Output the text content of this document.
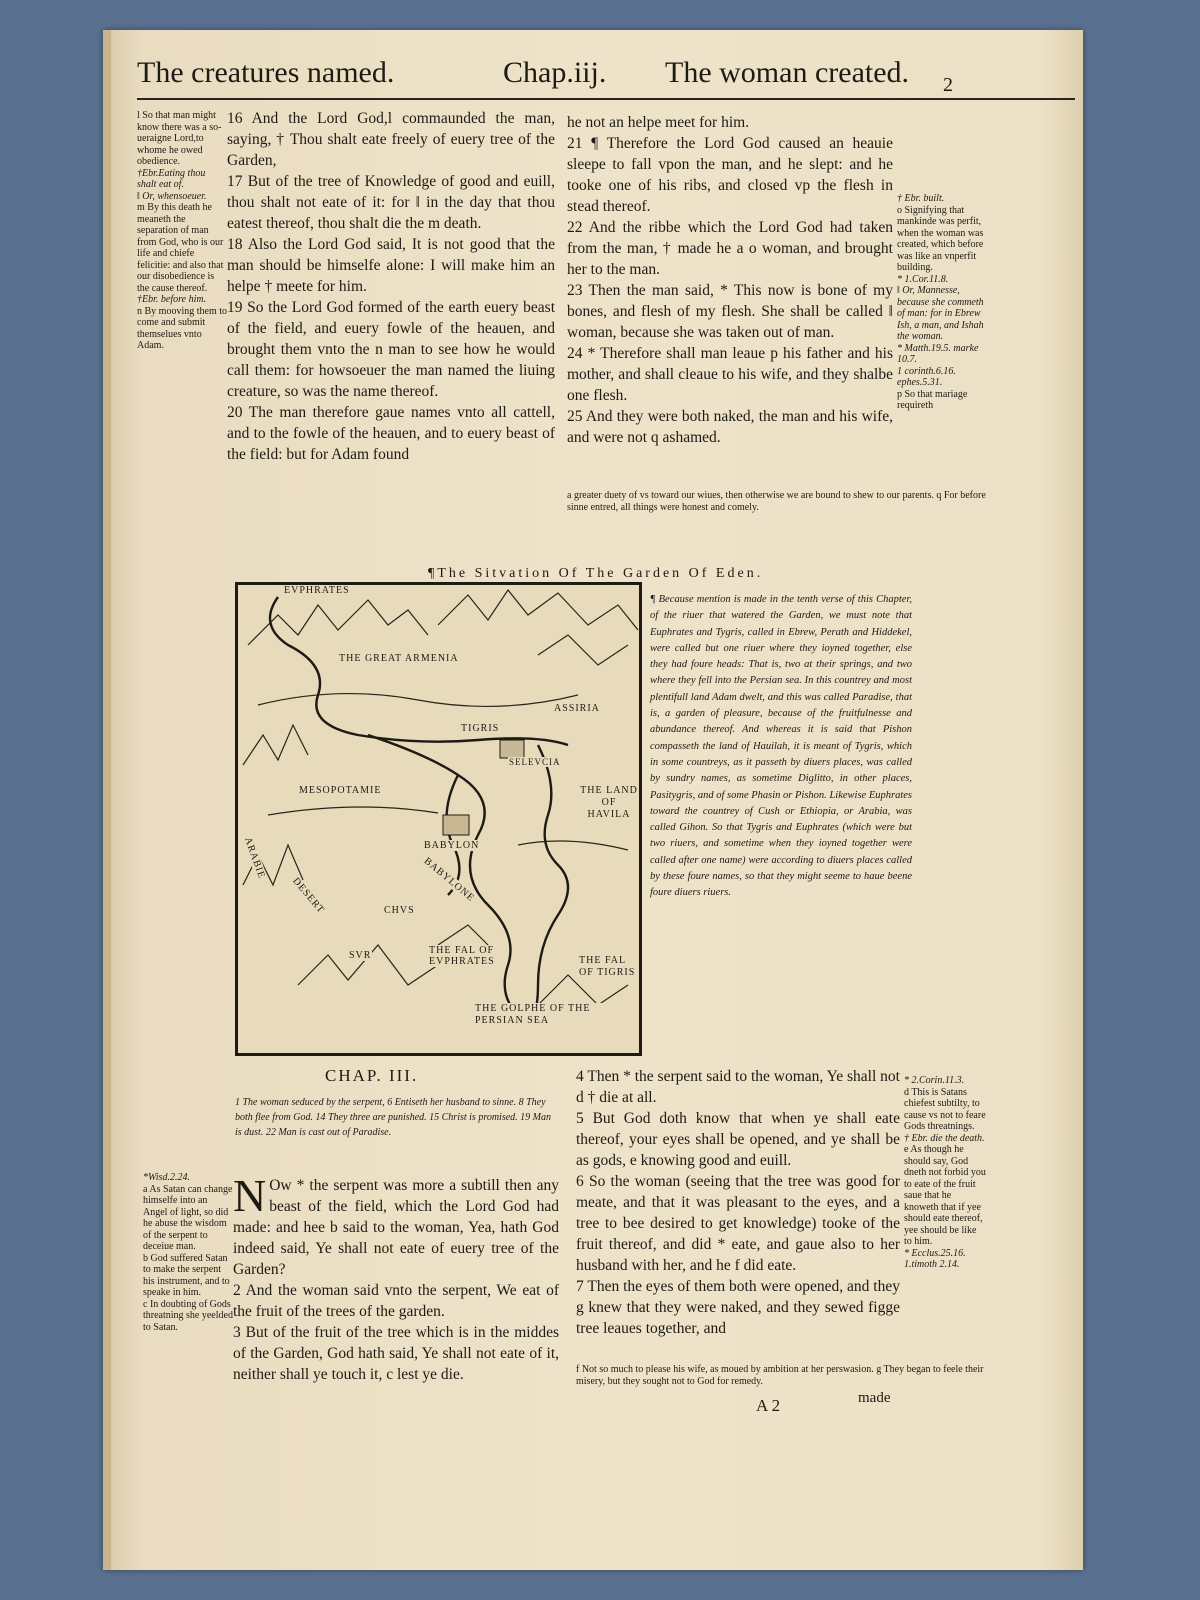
The creatures named.	Chap.iij. The woman created. 2

l So that man might know there was a so-ueraigne Lord,to whome he owed obedience.

†Ebr.Eating thou shalt eat of.

‖ Or, whensoeuer.

m By this death he meaneth the separation of man from God, who is our life and chiefe felicitie: and also that our disobedience is the cause thereof.

†Ebr. before him.

n By mooving them to come and submit themselues vnto Adam.

16 And the Lord God,l commaunded the man, saying, † Thou shalt eate freely of euery tree of the Garden,

17 But of the tree of Knowledge of good and euill, thou shalt not eate of it: for ‖ in the day that thou eatest thereof, thou shalt die the m death.

18 Also the Lord God said, It is not good that the man should be himselfe alone: I will make him an helpe † meete for him.

19 So the Lord God formed of the earth euery beast of the field, and euery fowle of the heauen, and brought them vnto the n man to see how he would call them: for howsoeuer the man named the liuing creature, so was the name thereof.

20 The man therefore gaue names vnto all cattell, and to the fowle of the heauen, and to euery beast of the field: but for Adam found

he not an helpe meet for him.

21 ¶ Therefore the Lord God caused an heauie sleepe to fall vpon the man, and he slept: and he tooke one of his ribs, and closed vp the flesh in stead thereof.

22 And the ribbe which the Lord God had taken from the man, † made he a o woman, and brought her to the man.

23 Then the man said, * This now is bone of my bones, and flesh of my flesh. She shall be called ‖ woman, because she was taken out of man.

24 * Therefore shall man leaue p his father and his mother, and shall cleaue to his wife, and they shalbe one flesh.

25 And they were both naked, the man and his wife, and were not q ashamed.

† Ebr. built.

o Signifying that mankinde was perfit, when the woman was created, which before was like an vnperfit building.

* 1.Cor.11.8.

‖ Or, Mannesse, because she commeth of man: for in Ebrew Ish, a man, and Ishah the woman.

* Matth.19.5. marke 10.7.

1 corinth.6.16. ephes.5.31.

p So that mariage requireth

a greater duety of vs toward our wiues, then otherwise we are bound to shew to our parents. q For before sinne entred, all things were honest and comely.
¶The Sitvation Of The Garden Of Eden.
EVPHRATES
THE GREAT ARMENIA
TIGRIS
ASSIRIA
SELEVCIA
MESOPOTAMIE	THE LAND OF HAVILA
BABYLON
BABYLONE
ARABIE
DESERT	CHVS
SVR	THE FAL OF EVPHRATES	THE FAL OF TIGRIS
THE GOLPHE OF THE PERSIAN SEA
¶ Because mention is made in the tenth verse of this Chapter, of the riuer that watered the Garden, we must note that Euphrates and Tygris, called in Ebrew, Perath and Hiddekel, were called but one riuer where they ioyned together, else they had foure heads: That is, two at their springs, and two where they fell into the Persian sea. In this countrey and most plentifull land Adam dwelt, and this was called Paradise, that is, a garden of pleasure, because of the fruitfulnesse and abundance thereof. And whereas it is said that Pishon compasseth the land of Hauilah, it is meant of Tygris, which in some countreys, as it passeth by diuers places, was called by sundry names, as sometime Diglitto, in other places, Pasitygris, and of some Phasin or Pishon. Likewise Euphrates toward the countrey of Cush or Ethiopia, or Arabia, was called Gihon. So that Tygris and Euphrates (which were but two riuers, and sometime when they ioyned together were called after one name) were according to diuers places called by these foure names, so that they might seeme to haue beene foure diuers riuers.
CHAP. III.
1 The woman seduced by the serpent, 6 Entiseth her husband to sinne. 8 They both flee from God. 14 They three are punished. 15 Christ is promised. 19 Man is dust. 22 Man is cast out of Paradise.

*Wisd.2.24.

a As Satan can change himselfe into an Angel of light, so did he abuse the wisdom of the serpent to deceiue man.

b God suffered Satan to make the serpent his instrument, and to speake in him.

c In doubting of Gods threatning she yeelded to Satan.

N Ow * the serpent was more a subtill then any beast of the field, which the Lord God had made: and hee b said to the woman, Yea, hath God indeed said, Ye shall not eate of euery tree of the Garden?

2 And the woman said vnto the serpent, We eat of the fruit of the trees of the garden.

3 But of the fruit of the tree which is in the middes of the Garden, God hath said, Ye shall not eate of it, neither shall ye touch it, c lest ye die.

4 Then * the serpent said to the woman, Ye shall not d † die at all.

5 But God doth know that when ye shall eate thereof, your eyes shall be opened, and ye shall be as gods, e knowing good and euill.

6 So the woman (seeing that the tree was good for meate, and that it was pleasant to the eyes, and a tree to bee desired to get knowledge) tooke of the fruit thereof, and did * eate, and gaue also to her husband with her, and he f did eate.

7 Then the eyes of them both were opened, and they g knew that they were naked, and they sewed figge tree leaues together, and

* 2.Corin.11.3.

d This is Satans chiefest subtilty, to cause vs not to feare Gods threatnings.

† Ebr. die the death.

e As though he should say, God dneth not forbid you to eate of the fruit saue that he knoweth that if yee should eate thereof, yee should be like to him.

* Ecclus.25.16.

1.timoth 2.14.

f Not so much to please his wife, as moued by ambition at her perswasion. g They began to feele their misery, but they sought not to God for remedy.
A 2	made
